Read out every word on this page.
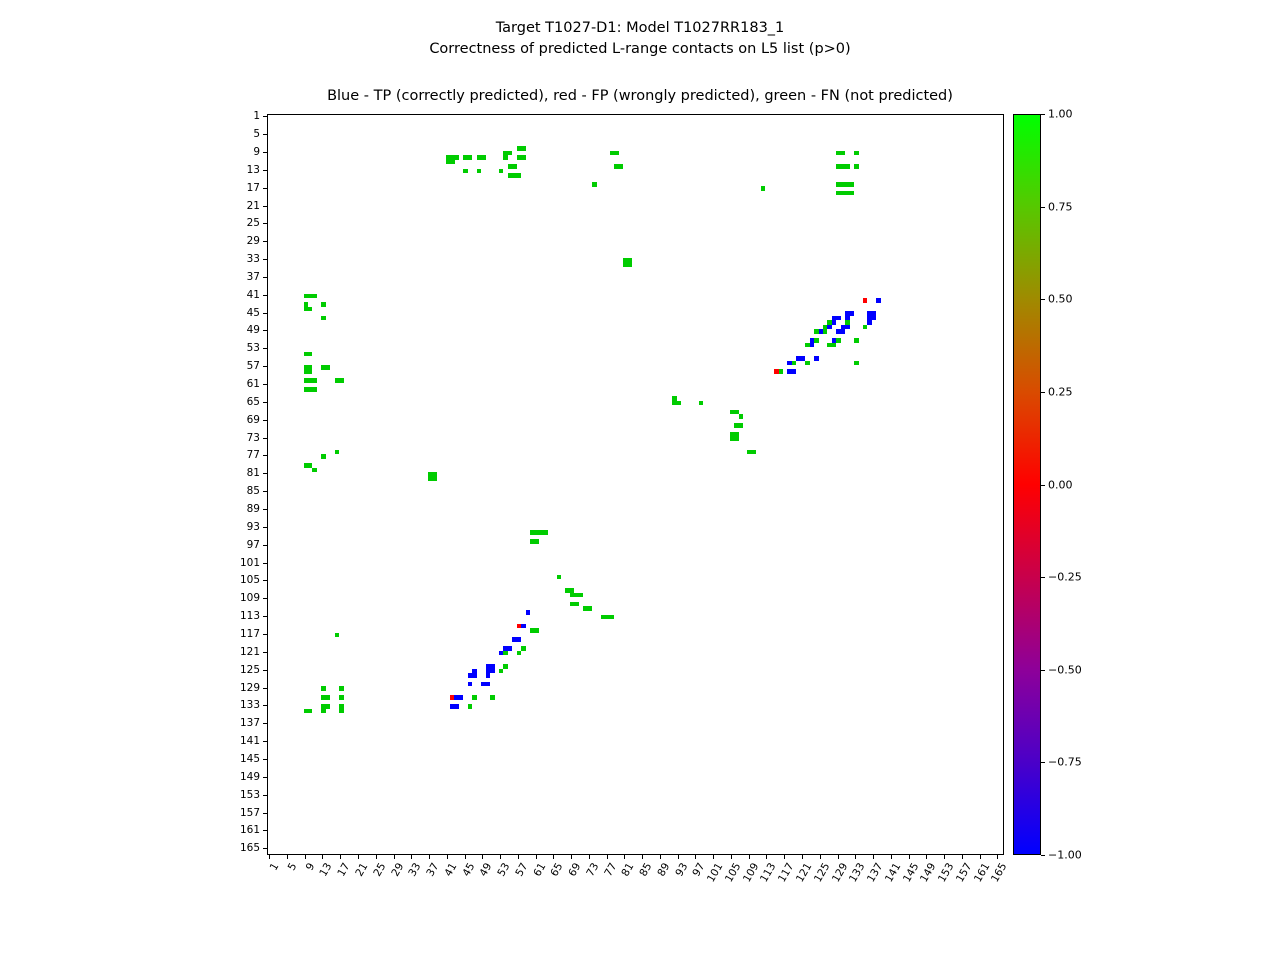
Target T1027-D1: Model T1027RR183_1
Correctness of predicted L-range contacts on L5 list (p>0)
Blue - TP (correctly predicted), red - FP (wrongly predicted), green - FN (not predicted)
1
5
9
13
17
21
25
29
33
37
41
45
49
53
57
61
65
69
73
77
81
85
89
93
97
101
105
109
113
117
121
125
129
133
137
141
145
149
153
157
161
165
1 5 9 13 17 21 25 29 33 37 41 45 49 53 57 61 65 69 73 77 81 85 89 93 97
101
105
109
113
117
121
125
129
133
137
141
145
149
153
157
161
165
−1.00
−0.75
−0.50
−0.25
0.00
0.25
0.50
0.75
1.00
